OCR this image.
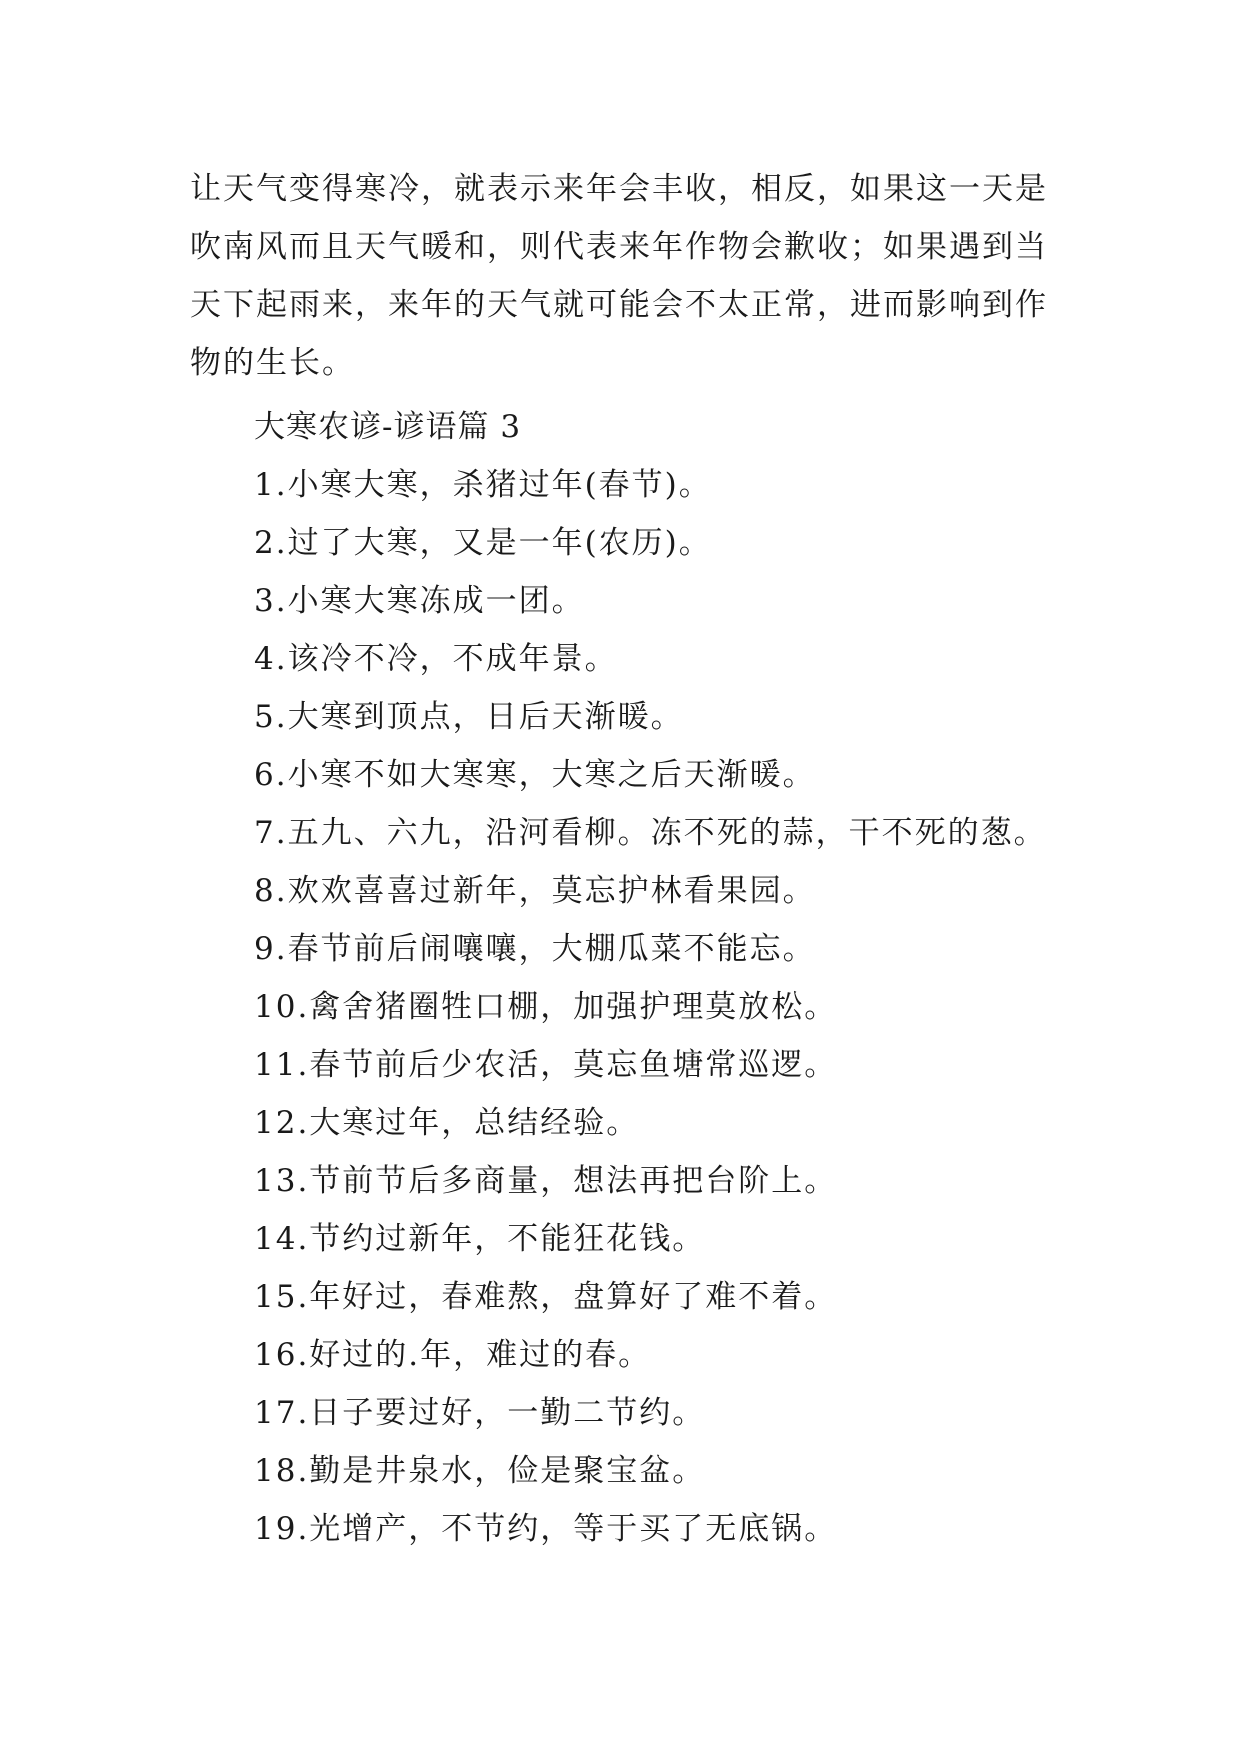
让天气变得寒冷，就表示来年会丰收，相反，如果这一天是
吹南风而且天气暖和，则代表来年作物会歉收；如果遇到当
天下起雨来，来年的天气就可能会不太正常，进而影响到作
物的生长。
大寒农谚-谚语篇 3
1.小寒大寒，杀猪过年(春节)。
2.过了大寒，又是一年(农历)。
3.小寒大寒冻成一团。
4.该冷不冷，不成年景。
5.大寒到顶点，日后天渐暖。
6.小寒不如大寒寒，大寒之后天渐暖。
7.五九、六九，沿河看柳。冻不死的蒜，干不死的葱。
8.欢欢喜喜过新年，莫忘护林看果园。
9.春节前后闹嚷嚷，大棚瓜菜不能忘。
10.禽舍猪圈牲口棚，加强护理莫放松。
11.春节前后少农活，莫忘鱼塘常巡逻。
12.大寒过年，总结经验。
13.节前节后多商量，想法再把台阶上。
14.节约过新年，不能狂花钱。
15.年好过，春难熬，盘算好了难不着。
16.好过的.年，难过的春。
17.日子要过好，一勤二节约。
18.勤是井泉水，俭是聚宝盆。
19.光增产，不节约，等于买了无底锅。
